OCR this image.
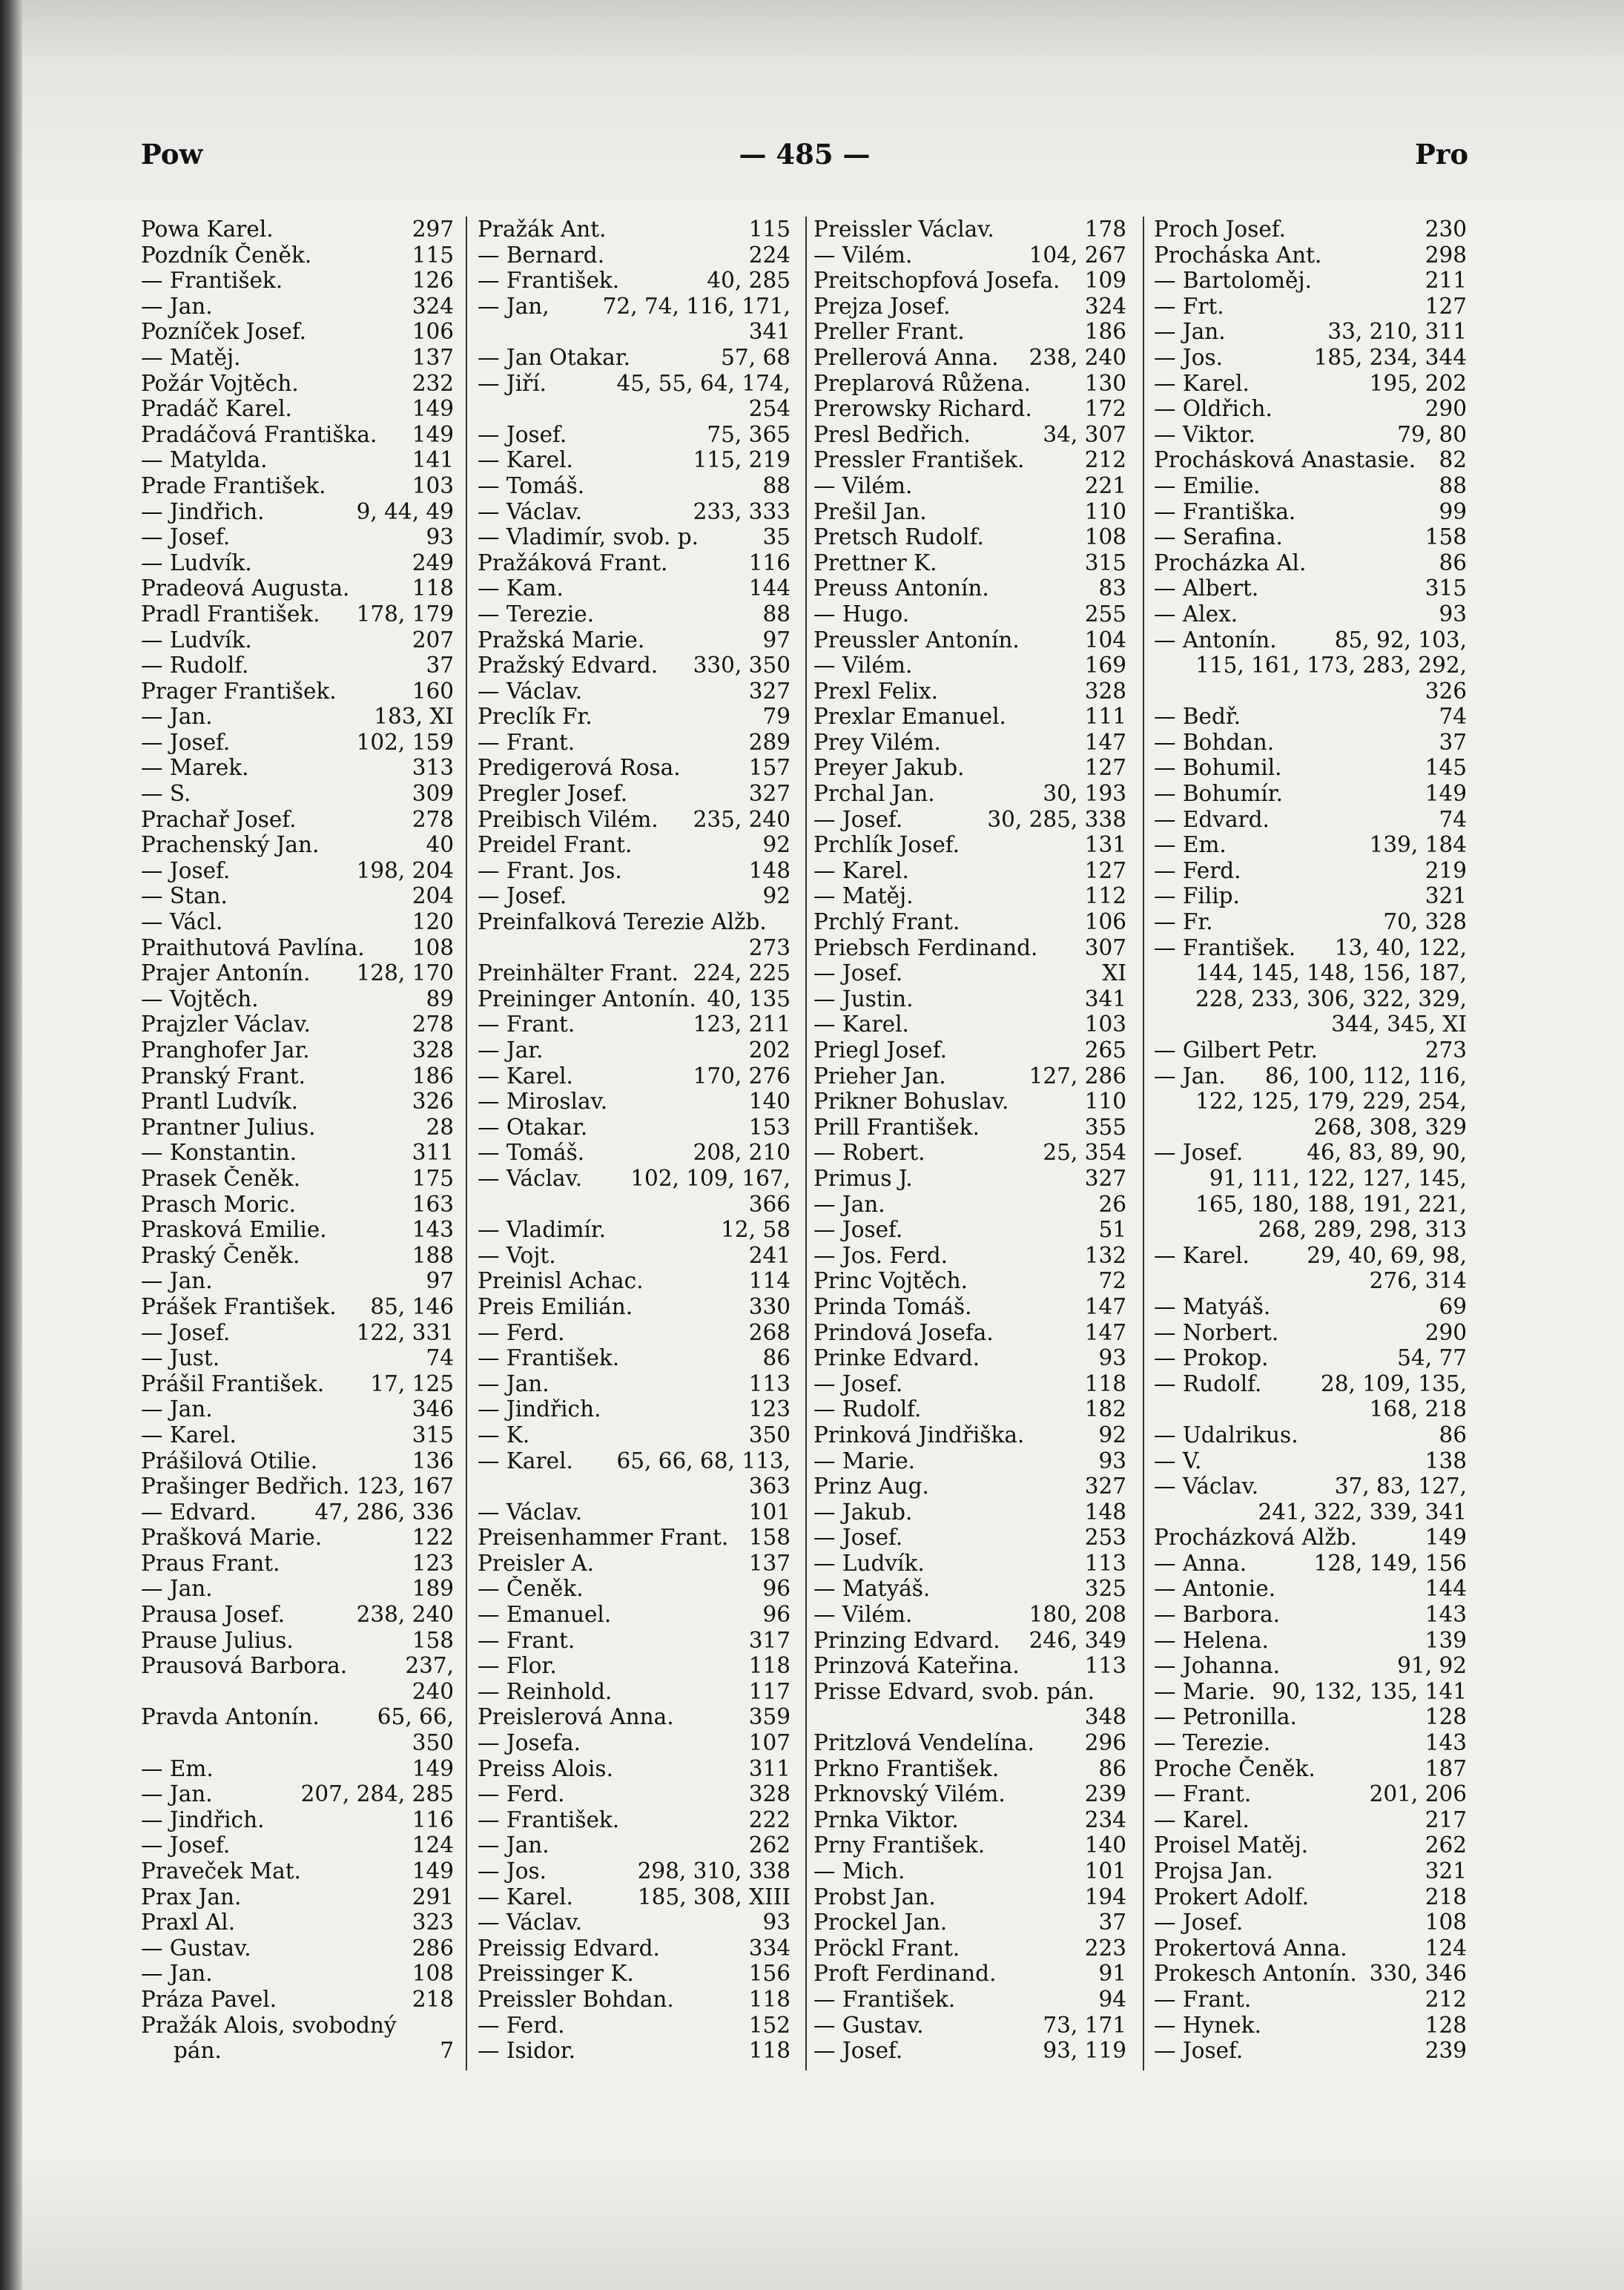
Pow	— 485 —	Pro
Powa Karel.	297
Pozdník Čeněk.	115
— František.	126
— Jan.	324
Pozníček Josef.	106
— Matěj.	137
Požár Vojtěch.	232
Pradáč Karel.	149
Pradáčová Františka.	149
— Matylda.	141
Prade František.	103
— Jindřich.	9, 44, 49
— Josef.	93
— Ludvík.	249
Pradeová Augusta.	118
Pradl František.	178, 179
— Ludvík.	207
— Rudolf.	37
Prager František.	160
— Jan.	183, XI
— Josef.	102, 159
— Marek.	313
— S.	309
Prachař Josef.	278
Prachenský Jan.	40
— Josef.	198, 204
— Stan.	204
— Václ.	120
Praithutová Pavlína.	108
Prajer Antonín.	128, 170
— Vojtěch.	89
Prajzler Václav.	278
Pranghofer Jar.	328
Pranský Frant.	186
Prantl Ludvík.	326
Prantner Julius.	28
— Konstantin.	311
Prasek Čeněk.	175
Prasch Moric.	163
Prasková Emilie.	143
Praský Čeněk.	188
— Jan.	97
Prášek František.	85, 146
— Josef.	122, 331
— Just.	74
Prášil František.	17, 125
— Jan.	346
— Karel.	315
Prášilová Otilie.	136
Prašinger Bedřich. 123, 167
— Edvard.	47, 286, 336
Prašková Marie.	122
Praus Frant.	123
— Jan.	189
Prausa Josef.	238, 240
Prause Julius.	158
Prausová Barbora.	237,
240
Pravda Antonín.	65, 66,
350
— Em.	149
— Jan.	207, 284, 285
— Jindřich.	116
— Josef.	124
Praveček Mat.	149
Prax Jan.	291
Praxl Al.	323
— Gustav.	286
— Jan.	108
Práza Pavel.	218
Pražák Alois, svobodný
pán.	7
Pražák Ant.	115
— Bernard.	224
— František.	40, 285
— Jan,	72, 74, 116, 171,
341
— Jan Otakar.	57, 68
— Jiří.	45, 55, 64, 174,
254
— Josef.	75, 365
— Karel.	115, 219
— Tomáš.	88
— Václav.	233, 333
— Vladimír, svob. p.	35
Pražáková Frant.	116
— Kam.	144
— Terezie.	88
Pražská Marie.	97
Pražský Edvard.	330, 350
— Václav.	327
Preclík Fr.	79
— Frant.	289
Predigerová Rosa.	157
Pregler Josef.	327
Preibisch Vilém.	235, 240
Preidel Frant.	92
— Frant. Jos.	148
— Josef.	92
Preinfalková Terezie Alžb.
273
Preinhälter Frant. 224, 225
Preininger Antonín. 40, 135
— Frant.	123, 211
— Jar.	202
— Karel.	170, 276
— Miroslav.	140
— Otakar.	153
— Tomáš.	208, 210
— Václav.	102, 109, 167,
366
— Vladimír.	12, 58
— Vojt.	241
Preinisl Achac.	114
Preis Emilián.	330
— Ferd.	268
— František.	86
— Jan.	113
— Jindřich.	123
— K.	350
— Karel.	65, 66, 68, 113,
363
— Václav.	101
Preisenhammer Frant. 158
Preisler A.	137
— Čeněk.	96
— Emanuel.	96
— Frant.	317
— Flor.	118
— Reinhold.	117
Preislerová Anna.	359
— Josefa.	107
Preiss Alois.	311
— Ferd.	328
— František.	222
— Jan.	262
— Jos.	298, 310, 338
— Karel.	185, 308, XIII
— Václav.	93
Preissig Edvard.	334
Preissinger K.	156
Preissler Bohdan.	118
— Ferd.	152
— Isidor.	118
Preissler Václav.	178
— Vilém.	104, 267
Preitschopfová Josefa.	109
Prejza Josef.	324
Preller Frant.	186
Prellerová Anna.	238, 240
Preplarová Růžena.	130
Prerowsky Richard.	172
Presl Bedřich.	34, 307
Pressler František.	212
— Vilém.	221
Prešil Jan.	110
Pretsch Rudolf.	108
Prettner K.	315
Preuss Antonín.	83
— Hugo.	255
Preussler Antonín.	104
— Vilém.	169
Prexl Felix.	328
Prexlar Emanuel.	111
Prey Vilém.	147
Preyer Jakub.	127
Prchal Jan.	30, 193
— Josef.	30, 285, 338
Prchlík Josef.	131
— Karel.	127
— Matěj.	112
Prchlý Frant.	106
Priebsch Ferdinand.	307
— Josef.	XI
— Justin.	341
— Karel.	103
Priegl Josef.	265
Prieher Jan.	127, 286
Prikner Bohuslav.	110
Prill František.	355
— Robert.	25, 354
Primus J.	327
— Jan.	26
— Josef.	51
— Jos. Ferd.	132
Princ Vojtěch.	72
Prinda Tomáš.	147
Prindová Josefa.	147
Prinke Edvard.	93
— Josef.	118
— Rudolf.	182
Prinková Jindřiška.	92
— Marie.	93
Prinz Aug.	327
— Jakub.	148
— Josef.	253
— Ludvík.	113
— Matyáš.	325
— Vilém.	180, 208
Prinzing Edvard.	246, 349
Prinzová Kateřina.	113
Prisse Edvard, svob. pán.
348
Pritzlová Vendelína.	296
Prkno František.	86
Prknovský Vilém.	239
Prnka Viktor.	234
Prny František.	140
— Mich.	101
Probst Jan.	194
Prockel Jan.	37
Pröckl Frant.	223
Proft Ferdinand.	91
— František.	94
— Gustav.	73, 171
— Josef.	93, 119
Proch Josef.	230
Procháska Ant.	298
— Bartoloměj.	211
— Frt.	127
— Jan.	33, 210, 311
— Jos.	185, 234, 344
— Karel.	195, 202
— Oldřich.	290
— Viktor.	79, 80
Prochásková Anastasie.	82
— Emilie.	88
— Františka.	99
— Serafina.	158
Procházka Al.	86
— Albert.	315
— Alex.	93
— Antonín.	85, 92, 103,
115, 161, 173, 283, 292,
326
— Bedř.	74
— Bohdan.	37
— Bohumil.	145
— Bohumír.	149
— Edvard.	74
— Em.	139, 184
— Ferd.	219
— Filip.	321
— Fr.	70, 328
— František.	13, 40, 122,
144, 145, 148, 156, 187,
228, 233, 306, 322, 329,
344, 345, XI
— Gilbert Petr.	273
— Jan.	86, 100, 112, 116,
122, 125, 179, 229, 254,
268, 308, 329
— Josef.	46, 83, 89, 90,
91, 111, 122, 127, 145,
165, 180, 188, 191, 221,
268, 289, 298, 313
— Karel.	29, 40, 69, 98,
276, 314
— Matyáš.	69
— Norbert.	290
— Prokop.	54, 77
— Rudolf.	28, 109, 135,
168, 218
— Udalrikus.	86
— V.	138
— Václav.	37, 83, 127,
241, 322, 339, 341
Procházková Alžb.	149
— Anna.	128, 149, 156
— Antonie.	144
— Barbora.	143
— Helena.	139
— Johanna.	91, 92
— Marie. 90, 132, 135, 141
— Petronilla.	128
— Terezie.	143
Proche Čeněk.	187
— Frant.	201, 206
— Karel.	217
Proisel Matěj.	262
Projsa Jan.	321
Prokert Adolf.	218
— Josef.	108
Prokertová Anna.	124
Prokesch Antonín. 330, 346
— Frant.	212
— Hynek.	128
— Josef.	239
